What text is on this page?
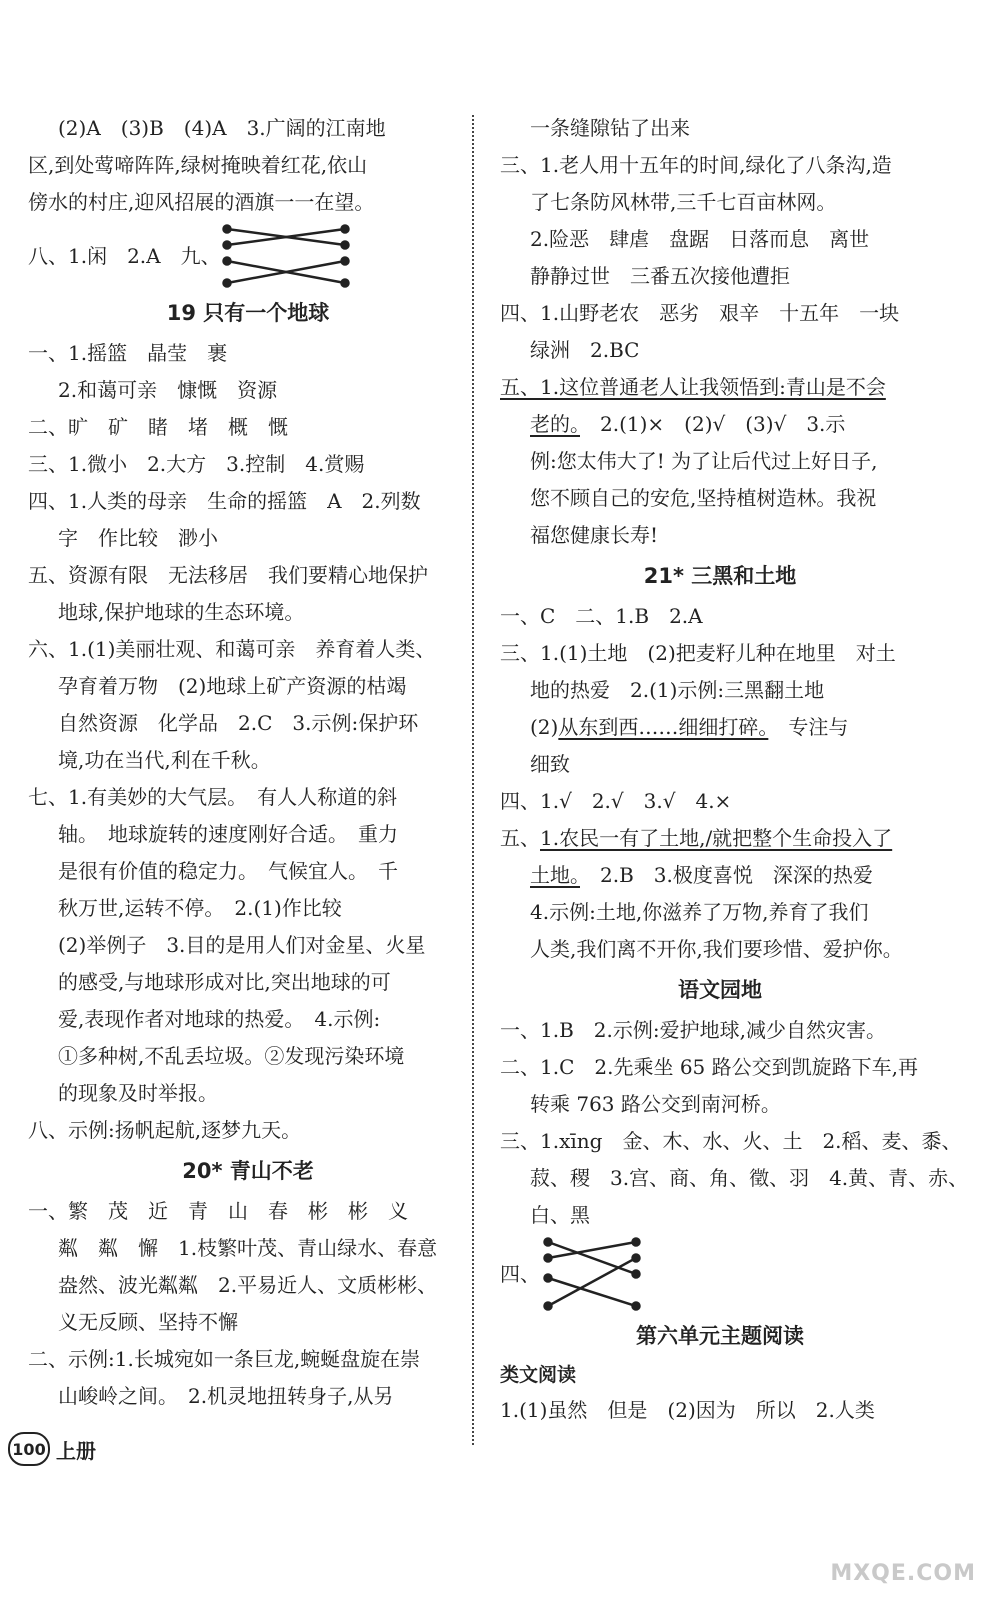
(2)A　(3)B　(4)A　3.广阔的江南地
区,到处莺啼阵阵,绿树掩映着红花,依山
傍水的村庄,迎风招展的酒旗一一在望。
八、1.闲　2.A　九、
19 只有一个地球
一、1.摇篮　晶莹　裹
2.和蔼可亲　慷慨　资源
二、旷　矿　睹　堵　概　慨
三、1.微小　2.大方　3.控制　4.赏赐
四、1.人类的母亲　生命的摇篮　A　2.列数
字　作比较　渺小
五、资源有限　无法移居　我们要精心地保护
地球,保护地球的生态环境。
六、1.(1)美丽壮观、和蔼可亲　养育着人类、
孕育着万物　(2)地球上矿产资源的枯竭
自然资源　化学品　2.C　3.示例:保护环
境,功在当代,利在千秋。
七、1.有美妙的大气层。　有人人称道的斜
轴。　地球旋转的速度刚好合适。　重力
是很有价值的稳定力。　气候宜人。　千
秋万世,运转不停。　2.(1)作比较
(2)举例子　3.目的是用人们对金星、火星
的感受,与地球形成对比,突出地球的可
爱,表现作者对地球的热爱。　4.示例:
①多种树,不乱丢垃圾。②发现污染环境
的现象及时举报。
八、示例:扬帆起航,逐梦九天。
20* 青山不老
一、繁　茂　近　青　山　春　彬　彬　义
粼　粼　懈　1.枝繁叶茂、青山绿水、春意
盎然、波光粼粼　2.平易近人、文质彬彬、
义无反顾、坚持不懈
二、示例:1.长城宛如一条巨龙,蜿蜒盘旋在崇
山峻岭之间。　2.机灵地扭转身子,从另
一条缝隙钻了出来
三、1.老人用十五年的时间,绿化了八条沟,造
了七条防风林带,三千七百亩林网。
2.险恶　肆虐　盘踞　日落而息　离世
静静过世　三番五次接他遭拒
四、1.山野老农　恶劣　艰辛　十五年　一块
绿洲　2.BC
五、1.这位普通老人让我领悟到:青山是不会
老的。　2.(1)×　(2)√　(3)√　3.示
例:您太伟大了! 为了让后代过上好日子,
您不顾自己的安危,坚持植树造林。我祝
福您健康长寿!
21* 三黑和土地
一、C　二、1.B　2.A
三、1.(1)土地　(2)把麦籽儿种在地里　对土
地的热爱　2.(1)示例:三黑翻土地
(2)从东到西……细细打碎。　专注与
细致
四、1.√　2.√　3.√　4.×
五、1.农民一有了土地,/就把整个生命投入了
土地。　2.B　3.极度喜悦　深深的热爱
4.示例:土地,你滋养了万物,养育了我们
人类,我们离不开你,我们要珍惜、爱护你。
语文园地
一、1.B　2.示例:爱护地球,减少自然灾害。
二、1.C　2.先乘坐 65 路公交到凯旋路下车,再
转乘 763 路公交到南河桥。
三、1.xīng　金、木、水、火、土　2.稻、麦、黍、
菽、稷　3.宫、商、角、徵、羽　4.黄、青、赤、
白、黑
四、
第六单元主题阅读
类文阅读
1.(1)虽然　但是　(2)因为　所以　2.人类
100 上册
MXQE.COM
